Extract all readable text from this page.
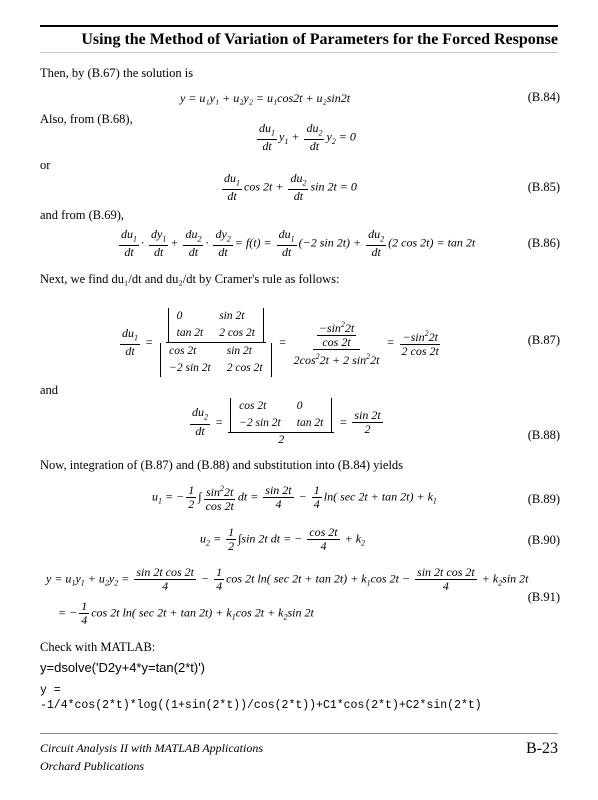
Using the Method of Variation of Parameters for the Forced Response
Then, by (B.67) the solution is
y = u₁y₁ + u₂y₂ = u₁cos2t + u₂sin2t	(B.84)
Also, from (B.68),
$\frac{du_1}{dt} y_1 + \frac{du_2}{dt} y_2 = 0$
or
$\frac{du_1}{dt}$ $\cos 2t + \frac{du_2}{dt}$ sin 2t = 0	(B.85)
and from (B.69),
$\frac{du_1}{dt} \cdot \frac{dy_1}{dt} + \frac{du_2}{dt} \cdot \frac{dy_2}{dt} = f(t) = \frac{du_1}{dt} (-2$ $\sin 2t) + \frac{du_2}{dt} (2$ cos 2t) = tan 2t	(B.86)
Next, we find du₁/dt and du₂/dt by Cramer's rule as follows:
$\frac{du_1}{dt} = 0$	sin 2t
tan 2t	2 cos 2t
cos 2t	sin 2t
−2 sin 2t	2 $\cos 2t = \frac{\frac{-\sin^22t}{\cos 2t}}{2\cos^22t + 2 \sin^22t} = \frac{-\sin^22t}{2 \cos 2t}$	(B.87)
and
$\frac{du_2}{dt} = \cos 2t$	0
−2 sin 2t	tan 2t
$2 = \frac{\sin 2t}{2}$	(B.88)
Now, integration of (B.87) and (B.88) and substitution into (B.84) yields
$u_1$ = − $\frac{1}{2}$ ∫ $\frac{\sin^22t}{\cos 2t}$ dt = $\frac{\sin 2t}{4} - \frac{1}{4} \ln$( $\sec 2t + \tan 2t) + k_1$	(B.89)
$u_2 = \frac{1}{2} \int\sin$ 2t dt = − $\frac{\cos 2t}{4} + k_2$	(B.90)
$y = u_1y_1 + u_2y_2 = \frac{\text{sin 2t cos 2t}}{4} - \frac{1}{4}$ cos 2t ln( $\sec 2t + \tan 2t) + k_1\cos$ $2t - \frac{\text{sin 2t cos 2t}}{4} + k_2\sin$ 2t
= − $\frac{1}{4}$ cos 2t ln( $\sec 2t + \tan 2t) + k_1\cos$ $2t + k_2\sin$ 2t
(B.91)
Check with MATLAB:
y=dsolve('D2y+4*y=tan(2*t)')
y =
-1/4*cos(2*t)*log((1+sin(2*t))/cos(2*t))+C1*cos(2*t)+C2*sin(2*t)
Circuit Analysis II with MATLAB Applications
Orchard Publications
B-23
